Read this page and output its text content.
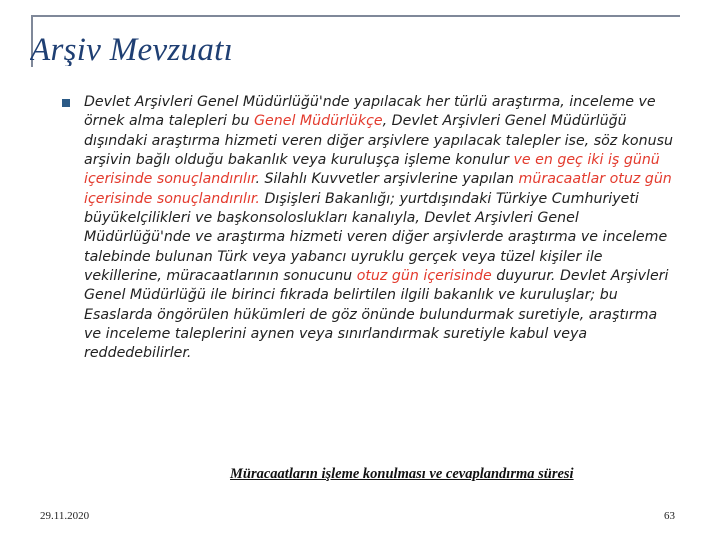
Arşiv Mevzuatı

Devlet Arşivleri Genel Müdürlüğü'nde yapılacak her türlü araştırma, inceleme ve örnek alma talepleri bu Genel Müdürlükçe, Devlet Arşivleri Genel Müdürlüğü dışındaki araştırma hizmeti veren diğer arşivlere yapılacak talepler ise, söz konusu arşivin bağlı olduğu bakanlık veya kuruluşça işleme konulur ve en geç iki iş günü içerisinde sonuçlandırılır. Silahlı Kuvvetler arşivlerine yapılan müracaatlar otuz gün içerisinde sonuçlandırılır. Dışişleri Bakanlığı; yurtdışındaki Türkiye Cumhuriyeti büyükelçilikleri ve başkonsoloslukları kanalıyla, Devlet Arşivleri Genel Müdürlüğü'nde ve araştırma hizmeti veren diğer arşivlerde araştırma ve inceleme talebinde bulunan Türk veya yabancı uyruklu gerçek veya tüzel kişiler ile vekillerine, müracaatlarının sonucunu otuz gün içerisinde duyurur. Devlet Arşivleri Genel Müdürlüğü ile birinci fıkrada belirtilen ilgili bakanlık ve kuruluşlar; bu Esaslarda öngörülen hükümleri de göz önünde bulundurmak suretiyle, araştırma ve inceleme taleplerini aynen veya sınırlandırmak suretiyle kabul veya reddedebilirler.

Müracaatların işleme konulması ve cevaplandırma süresi
29.11.2020	63
